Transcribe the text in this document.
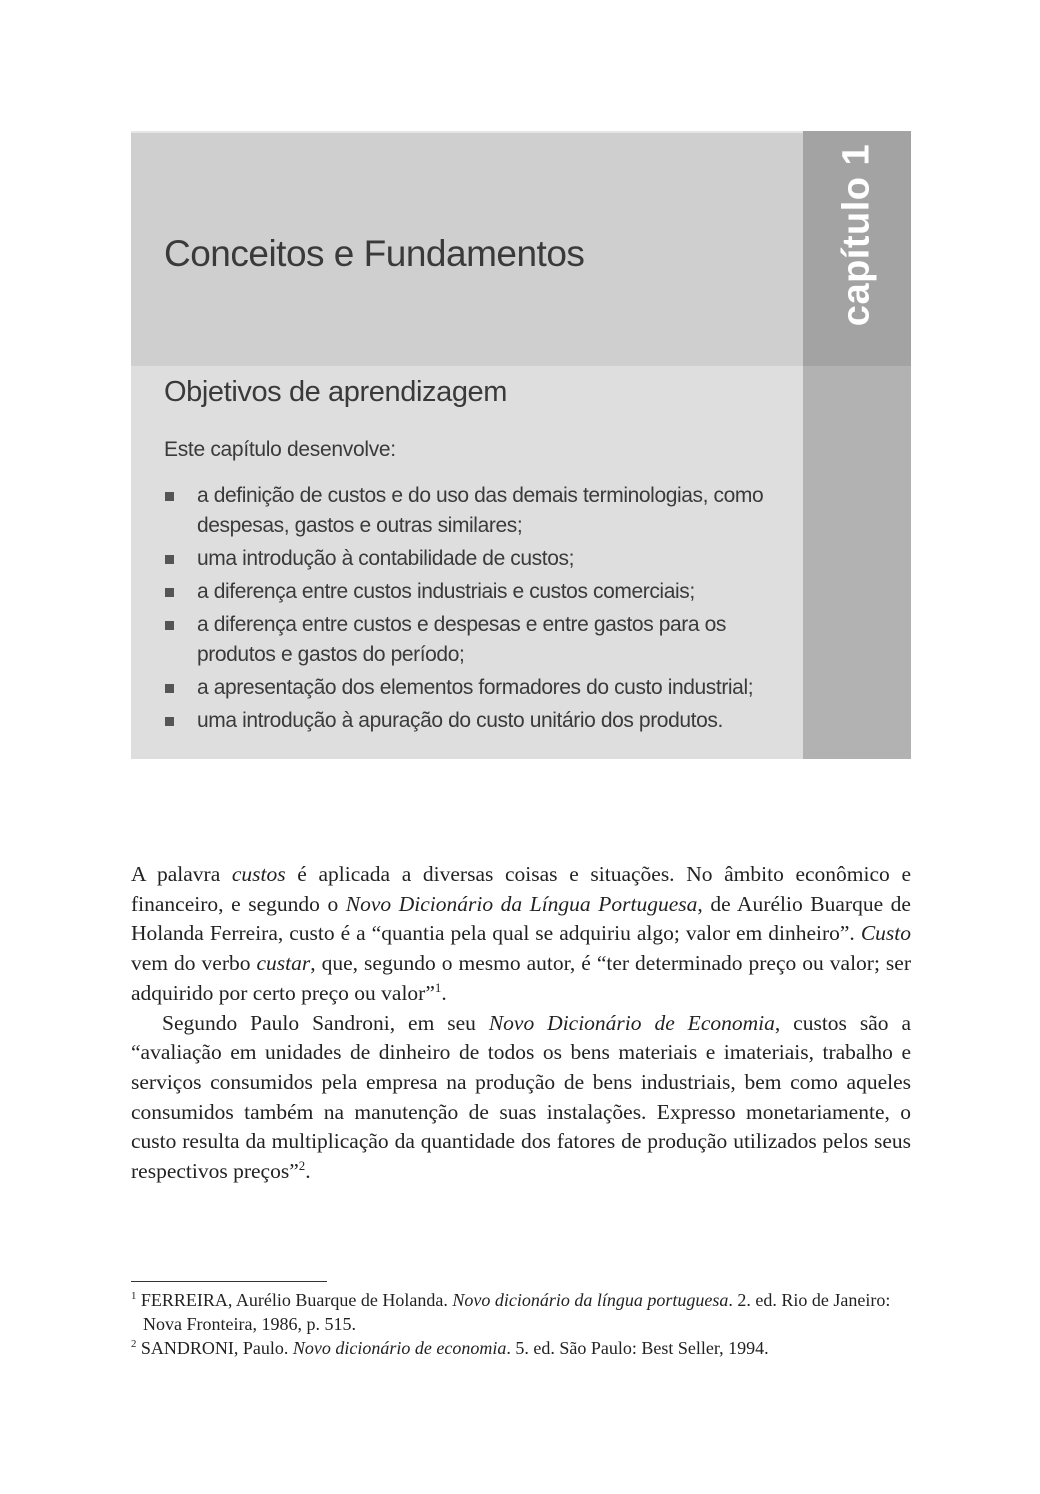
Conceitos e Fundamentos	capítulo 1
Objetivos de aprendizagem

Este capítulo desenvolve:

a definição de custos e do uso das demais terminologias, como despesas, gastos e outras similares;
uma introdução à contabilidade de custos;
a diferença entre custos industriais e custos comerciais;
a diferença entre custos e despesas e entre gastos para os produtos e gastos do período;
a apresentação dos elementos formadores do custo industrial;
uma introdução à apuração do custo unitário dos produtos.

A palavra custos é aplicada a diversas coisas e situações. No âmbito econômico e financeiro, e segundo o Novo Dicionário da Língua Portuguesa, de Aurélio Buarque de Holanda Ferreira, custo é a “quantia pela qual se adquiriu algo; valor em dinheiro”. Custo vem do verbo custar, que, segundo o mesmo autor, é “ter determinado preço ou valor; ser adquirido por certo preço ou valor”$^1$.

Segundo Paulo Sandroni, em seu Novo Dicionário de Economia, custos são a “avaliação em unidades de dinheiro de todos os bens materiais e imateriais, trabalho e serviços consumidos pela empresa na produção de bens industriais, bem como aqueles consumidos também na manutenção de suas instalações. Expresso monetariamente, o custo resulta da multiplicação da quantidade dos fatores de produção utilizados pelos seus respectivos preços”$^2$.

$^1$ FERREIRA, Aurélio Buarque de Holanda. Novo dicionário da língua portuguesa. 2. ed. Rio de Janeiro: Nova Fronteira, 1986, p. 515.

$^2$ SANDRONI, Paulo. Novo dicionário de economia. 5. ed. São Paulo: Best Seller, 1994.
